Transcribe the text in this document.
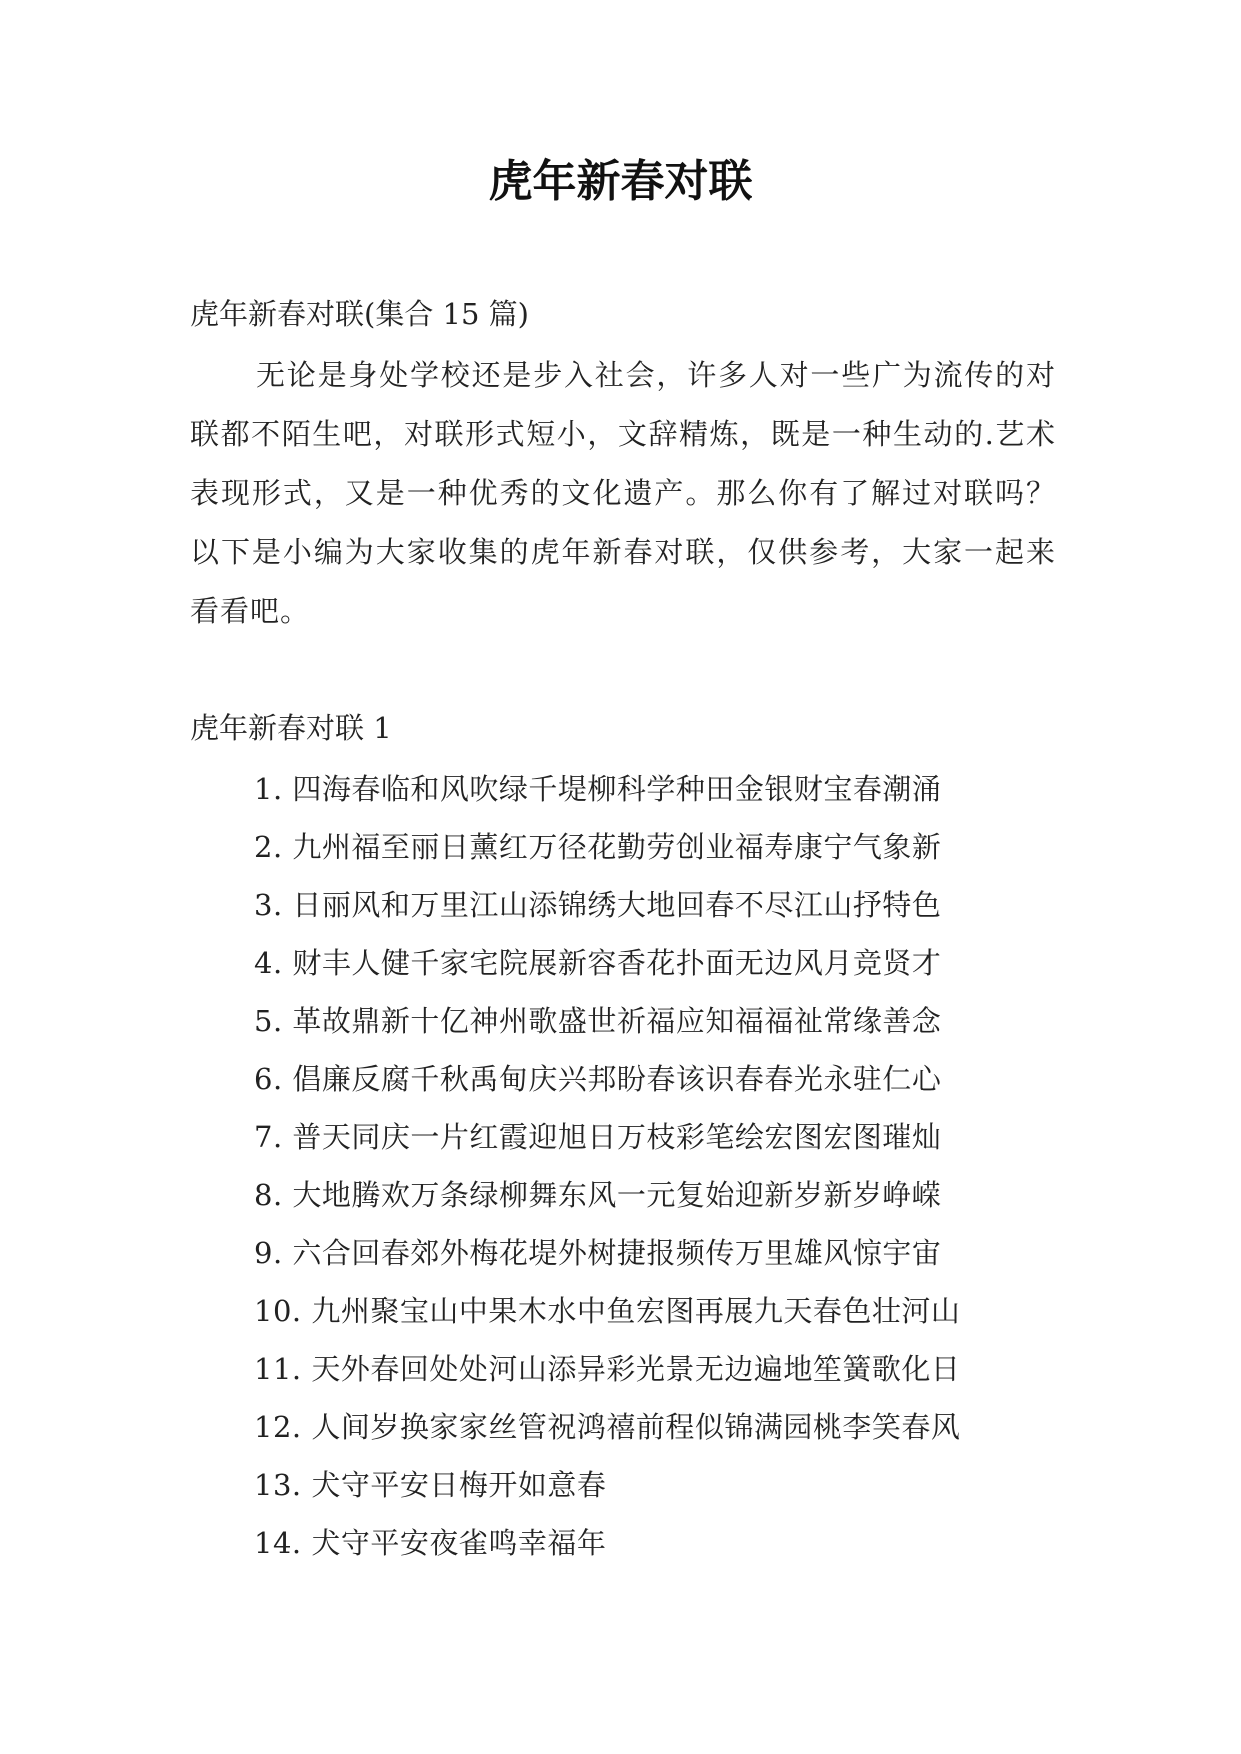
虎年新春对联
虎年新春对联(集合 15 篇)
无论是身处学校还是步入社会，许多人对一些广为流传的对联都不陌生吧，对联形式短小，文辞精炼，既是一种生动的.艺术表现形式，又是一种优秀的文化遗产。那么你有了解过对联吗？以下是小编为大家收集的虎年新春对联，仅供参考，大家一起来看看吧。
虎年新春对联 1
1. 四海春临和风吹绿千堤柳科学种田金银财宝春潮涌
2. 九州福至丽日薰红万径花勤劳创业福寿康宁气象新
3. 日丽风和万里江山添锦绣大地回春不尽江山抒特色
4. 财丰人健千家宅院展新容香花扑面无边风月竞贤才
5. 革故鼎新十亿神州歌盛世祈福应知福福祉常缘善念
6. 倡廉反腐千秋禹甸庆兴邦盼春该识春春光永驻仁心
7. 普天同庆一片红霞迎旭日万枝彩笔绘宏图宏图璀灿
8. 大地腾欢万条绿柳舞东风一元复始迎新岁新岁峥嵘
9. 六合回春郊外梅花堤外树捷报频传万里雄风惊宇宙
10. 九州聚宝山中果木水中鱼宏图再展九天春色壮河山
11. 天外春回处处河山添异彩光景无边遍地笙簧歌化日
12. 人间岁换家家丝管祝鸿禧前程似锦满园桃李笑春风
13. 犬守平安日梅开如意春
14. 犬守平安夜雀鸣幸福年
